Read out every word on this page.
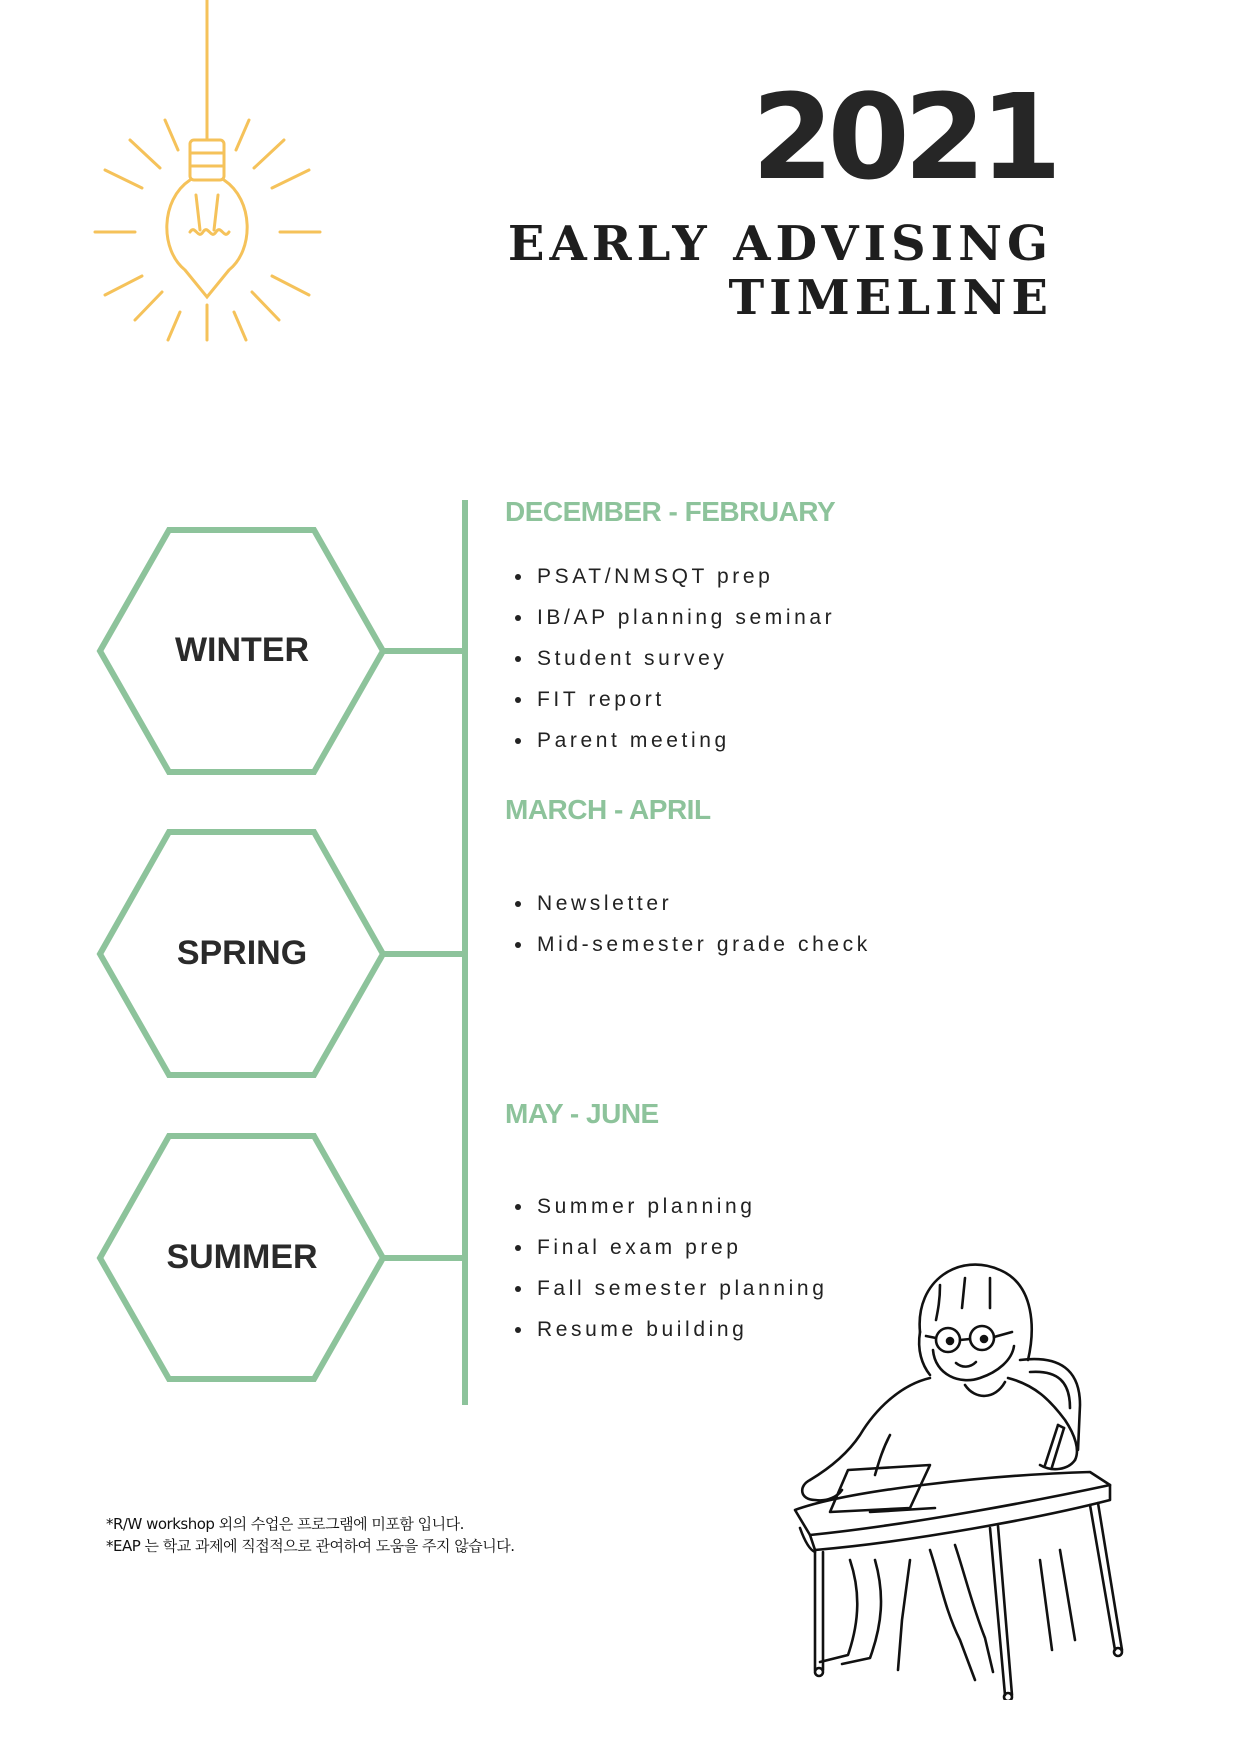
2021
EARLY ADVISING
TIMELINE
WINTER
SPRING
SUMMER
DECEMBER - FEBRUARY
PSAT/NMSQT prep
IB/AP planning seminar
Student survey
FIT report
Parent meeting
MARCH - APRIL
Newsletter
Mid-semester grade check
MAY - JUNE
Summer planning
Final exam prep
Fall semester planning
Resume building
*R/W workshop 외의 수업은 프로그램에 미포함 입니다.
*EAP 는 학교 과제에 직접적으로 관여하여 도움을 주지 않습니다.
